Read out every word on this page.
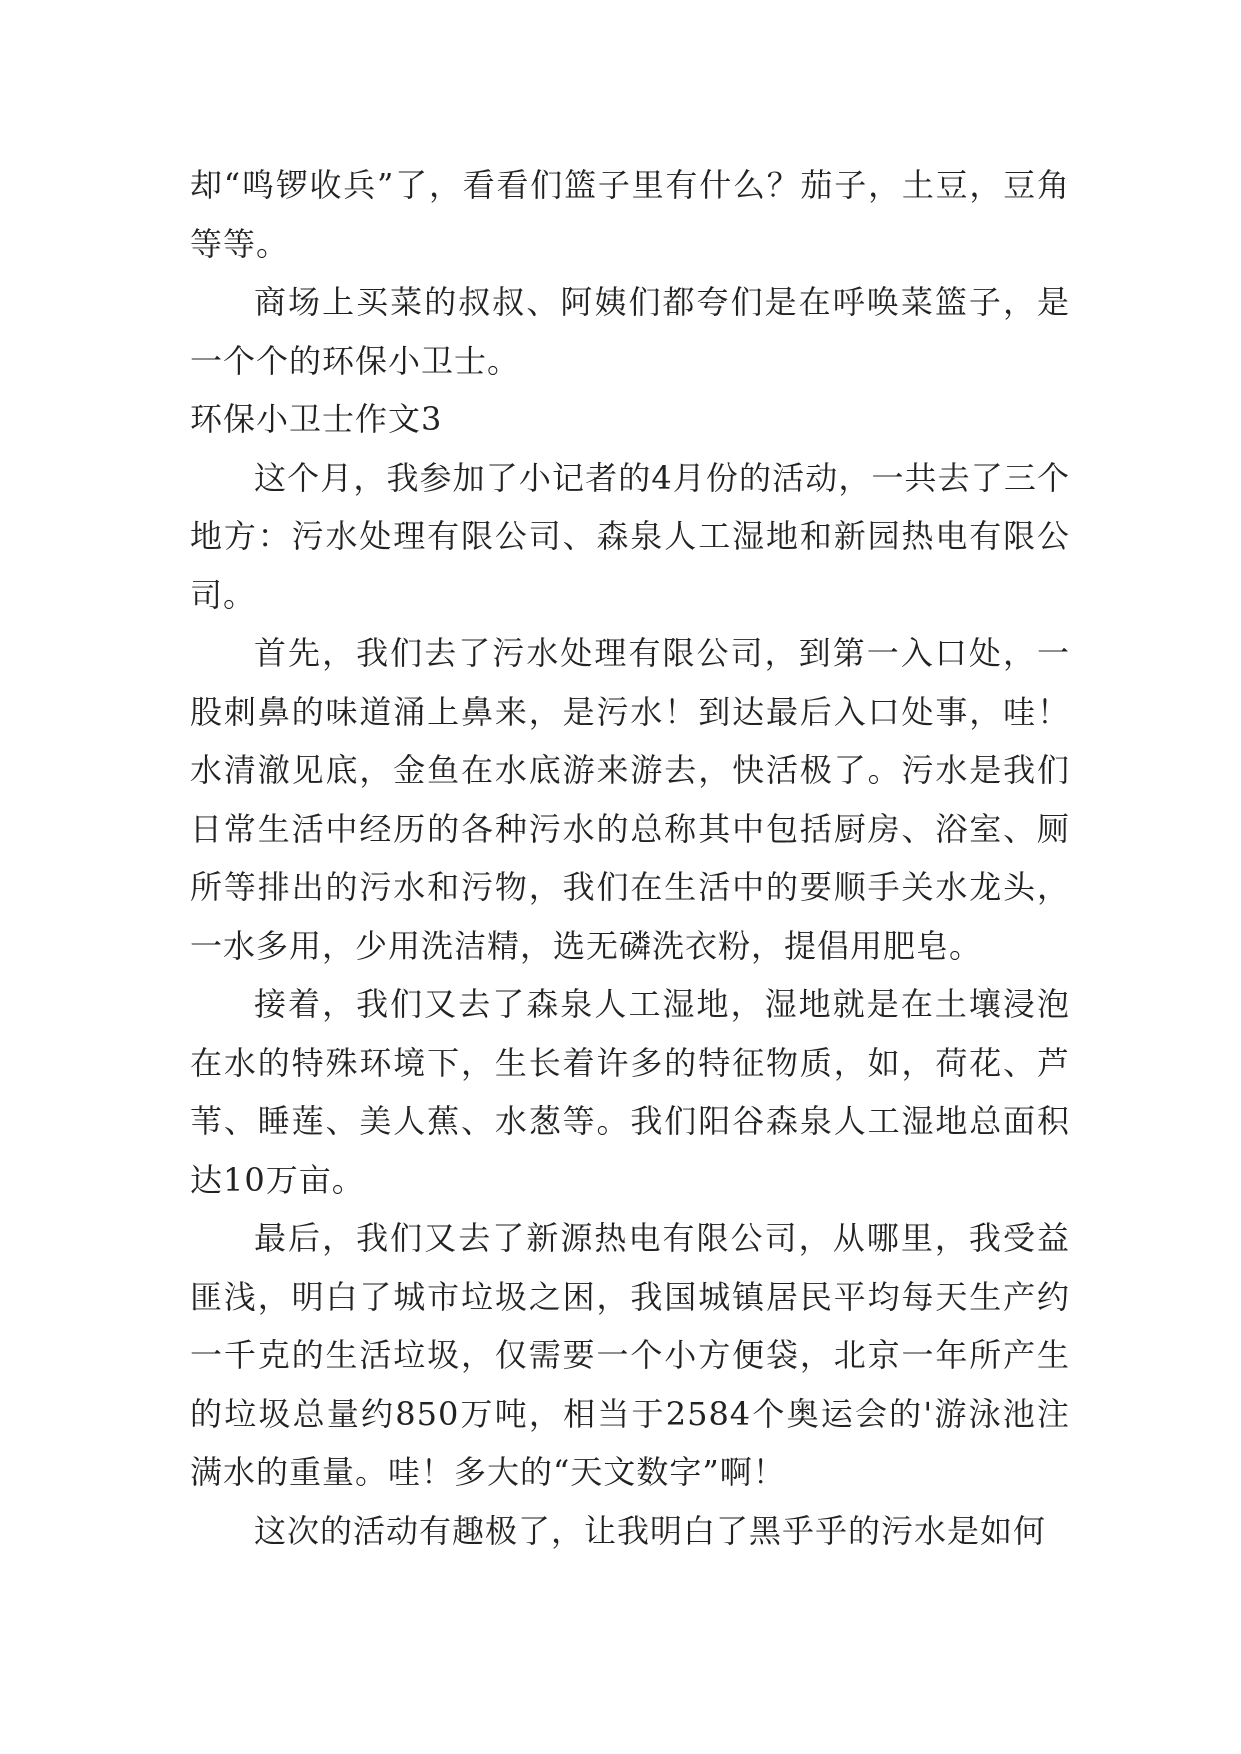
却“鸣锣收兵”了，看看们篮子里有什么？茄子，土豆，豆角等等。

商场上买菜的叔叔、阿姨们都夸们是在呼唤菜篮子，是一个个的环保小卫士。

环保小卫士作文3

这个月，我参加了小记者的4月份的活动，一共去了三个地方：污水处理有限公司、森泉人工湿地和新园热电有限公司。

首先，我们去了污水处理有限公司，到第一入口处，一股刺鼻的味道涌上鼻来，是污水！到达最后入口处事，哇！水清澈见底，金鱼在水底游来游去，快活极了。污水是我们日常生活中经历的各种污水的总称其中包括厨房、浴室、厕所等排出的污水和污物，我们在生活中的要顺手关水龙头，一水多用，少用洗洁精，选无磷洗衣粉，提倡用肥皂。

接着，我们又去了森泉人工湿地，湿地就是在土壤浸泡在水的特殊环境下，生长着许多的特征物质，如，荷花、芦苇、睡莲、美人蕉、水葱等。我们阳谷森泉人工湿地总面积达10万亩。

最后，我们又去了新源热电有限公司，从哪里，我受益匪浅，明白了城市垃圾之困，我国城镇居民平均每天生产约一千克的生活垃圾，仅需要一个小方便袋，北京一年所产生的垃圾总量约850万吨，相当于2584个奥运会的'游泳池注满水的重量。哇！多大的“天文数字”啊！

这次的活动有趣极了，让我明白了黑乎乎的污水是如何
